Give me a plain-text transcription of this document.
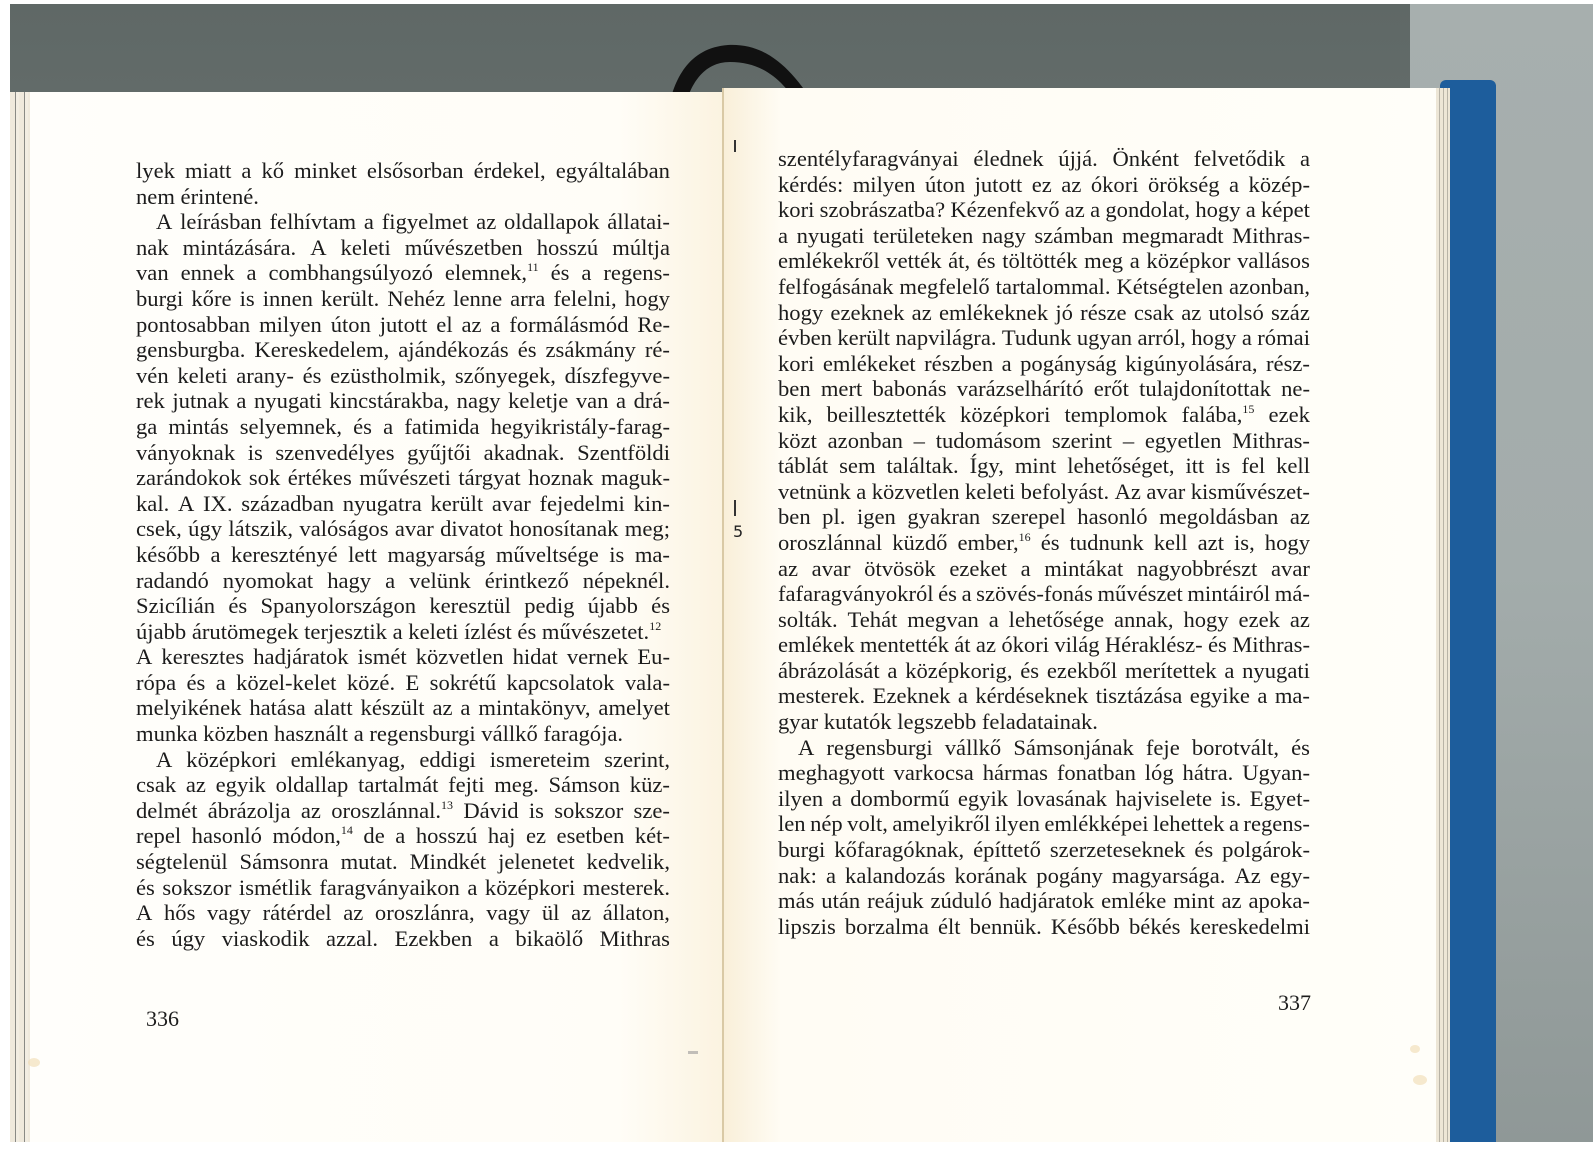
5
lyek miatt a kő minket elsősorban érdekel, egyáltalában
nem érintené.
A leírásban felhívtam a figyelmet az oldallapok állatai-
nak mintázására. A keleti művészetben hosszú múltja
van ennek a combhangsúlyozó elemnek,$^{11}$ és a regens-
burgi kőre is innen került. Nehéz lenne arra felelni, hogy
pontosabban milyen úton jutott el az a formálásmód Re-
gensburgba. Kereskedelem, ajándékozás és zsákmány ré-
vén keleti arany- és ezüstholmik, szőnyegek, díszfegyve-
rek jutnak a nyugati kincstárakba, nagy keletje van a drá-
ga mintás selyemnek, és a fatimida hegyikristály-farag-
ványoknak is szenvedélyes gyűjtői akadnak. Szentföldi
zarándokok sok értékes művészeti tárgyat hoznak maguk-
kal. A IX. században nyugatra került avar fejedelmi kin-
csek, úgy látszik, valóságos avar divatot honosítanak meg;
később a keresztényé lett magyarság műveltsége is ma-
radandó nyomokat hagy a velünk érintkező népeknél.
Szicílián és Spanyolországon keresztül pedig újabb és
újabb árutömegek terjesztik a keleti ízlést és művészetet.$^{12}$
A keresztes hadjáratok ismét közvetlen hidat vernek Eu-
rópa és a közel-kelet közé. E sokrétű kapcsolatok vala-
melyikének hatása alatt készült az a mintakönyv, amelyet
munka közben használt a regensburgi vállkő faragója.
A középkori emlékanyag, eddigi ismereteim szerint,
csak az egyik oldallap tartalmát fejti meg. Sámson küz-
delmét ábrázolja az oroszlánnal.$^{13}$ Dávid is sokszor sze-
repel hasonló módon,$^{14}$ de a hosszú haj ez esetben két-
ségtelenül Sámsonra mutat. Mindkét jelenetet kedvelik,
és sokszor ismétlik faragványaikon a középkori mesterek.
A hős vagy rátérdel az oroszlánra, vagy ül az állaton,
és úgy viaskodik azzal. Ezekben a bikaölő Mithras
szentélyfaragványai élednek újjá. Önként felvetődik a
kérdés: milyen úton jutott ez az ókori örökség a közép-
kori szobrászatba? Kézenfekvő az a gondolat, hogy a képet
a nyugati területeken nagy számban megmaradt Mithras-
emlékekről vették át, és töltötték meg a középkor vallásos
felfogásának megfelelő tartalommal. Kétségtelen azonban,
hogy ezeknek az emlékeknek jó része csak az utolsó száz
évben került napvilágra. Tudunk ugyan arról, hogy a római
kori emlékeket részben a pogányság kigúnyolására, rész-
ben mert babonás varázselhárító erőt tulajdonítottak ne-
kik, beillesztették középkori templomok falába,$^{15}$ ezek
közt azonban – tudomásom szerint – egyetlen Mithras-
táblát sem találtak. Így, mint lehetőséget, itt is fel kell
vetnünk a közvetlen keleti befolyást. Az avar kisművészet-
ben pl. igen gyakran szerepel hasonló megoldásban az
oroszlánnal küzdő ember,$^{16}$ és tudnunk kell azt is, hogy
az avar ötvösök ezeket a mintákat nagyobbrészt avar
fafaragványokról és a szövés-fonás művészet mintáiról má-
solták. Tehát megvan a lehetősége annak, hogy ezek az
emlékek mentették át az ókori világ Héraklész- és Mithras-
ábrázolását a középkorig, és ezekből merítettek a nyugati
mesterek. Ezeknek a kérdéseknek tisztázása egyike a ma-
gyar kutatók legszebb feladatainak.
A regensburgi vállkő Sámsonjának feje borotvált, és
meghagyott varkocsa hármas fonatban lóg hátra. Ugyan-
ilyen a dombormű egyik lovasának hajviselete is. Egyet-
len nép volt, amelyikről ilyen emlékképei lehettek a regens-
burgi kőfaragóknak, építtető szerzeteseknek és polgárok-
nak: a kalandozás korának pogány magyarsága. Az egy-
más után reájuk zúduló hadjáratok emléke mint az apoka-
lipszis borzalma élt bennük. Később békés kereskedelmi
336
337
